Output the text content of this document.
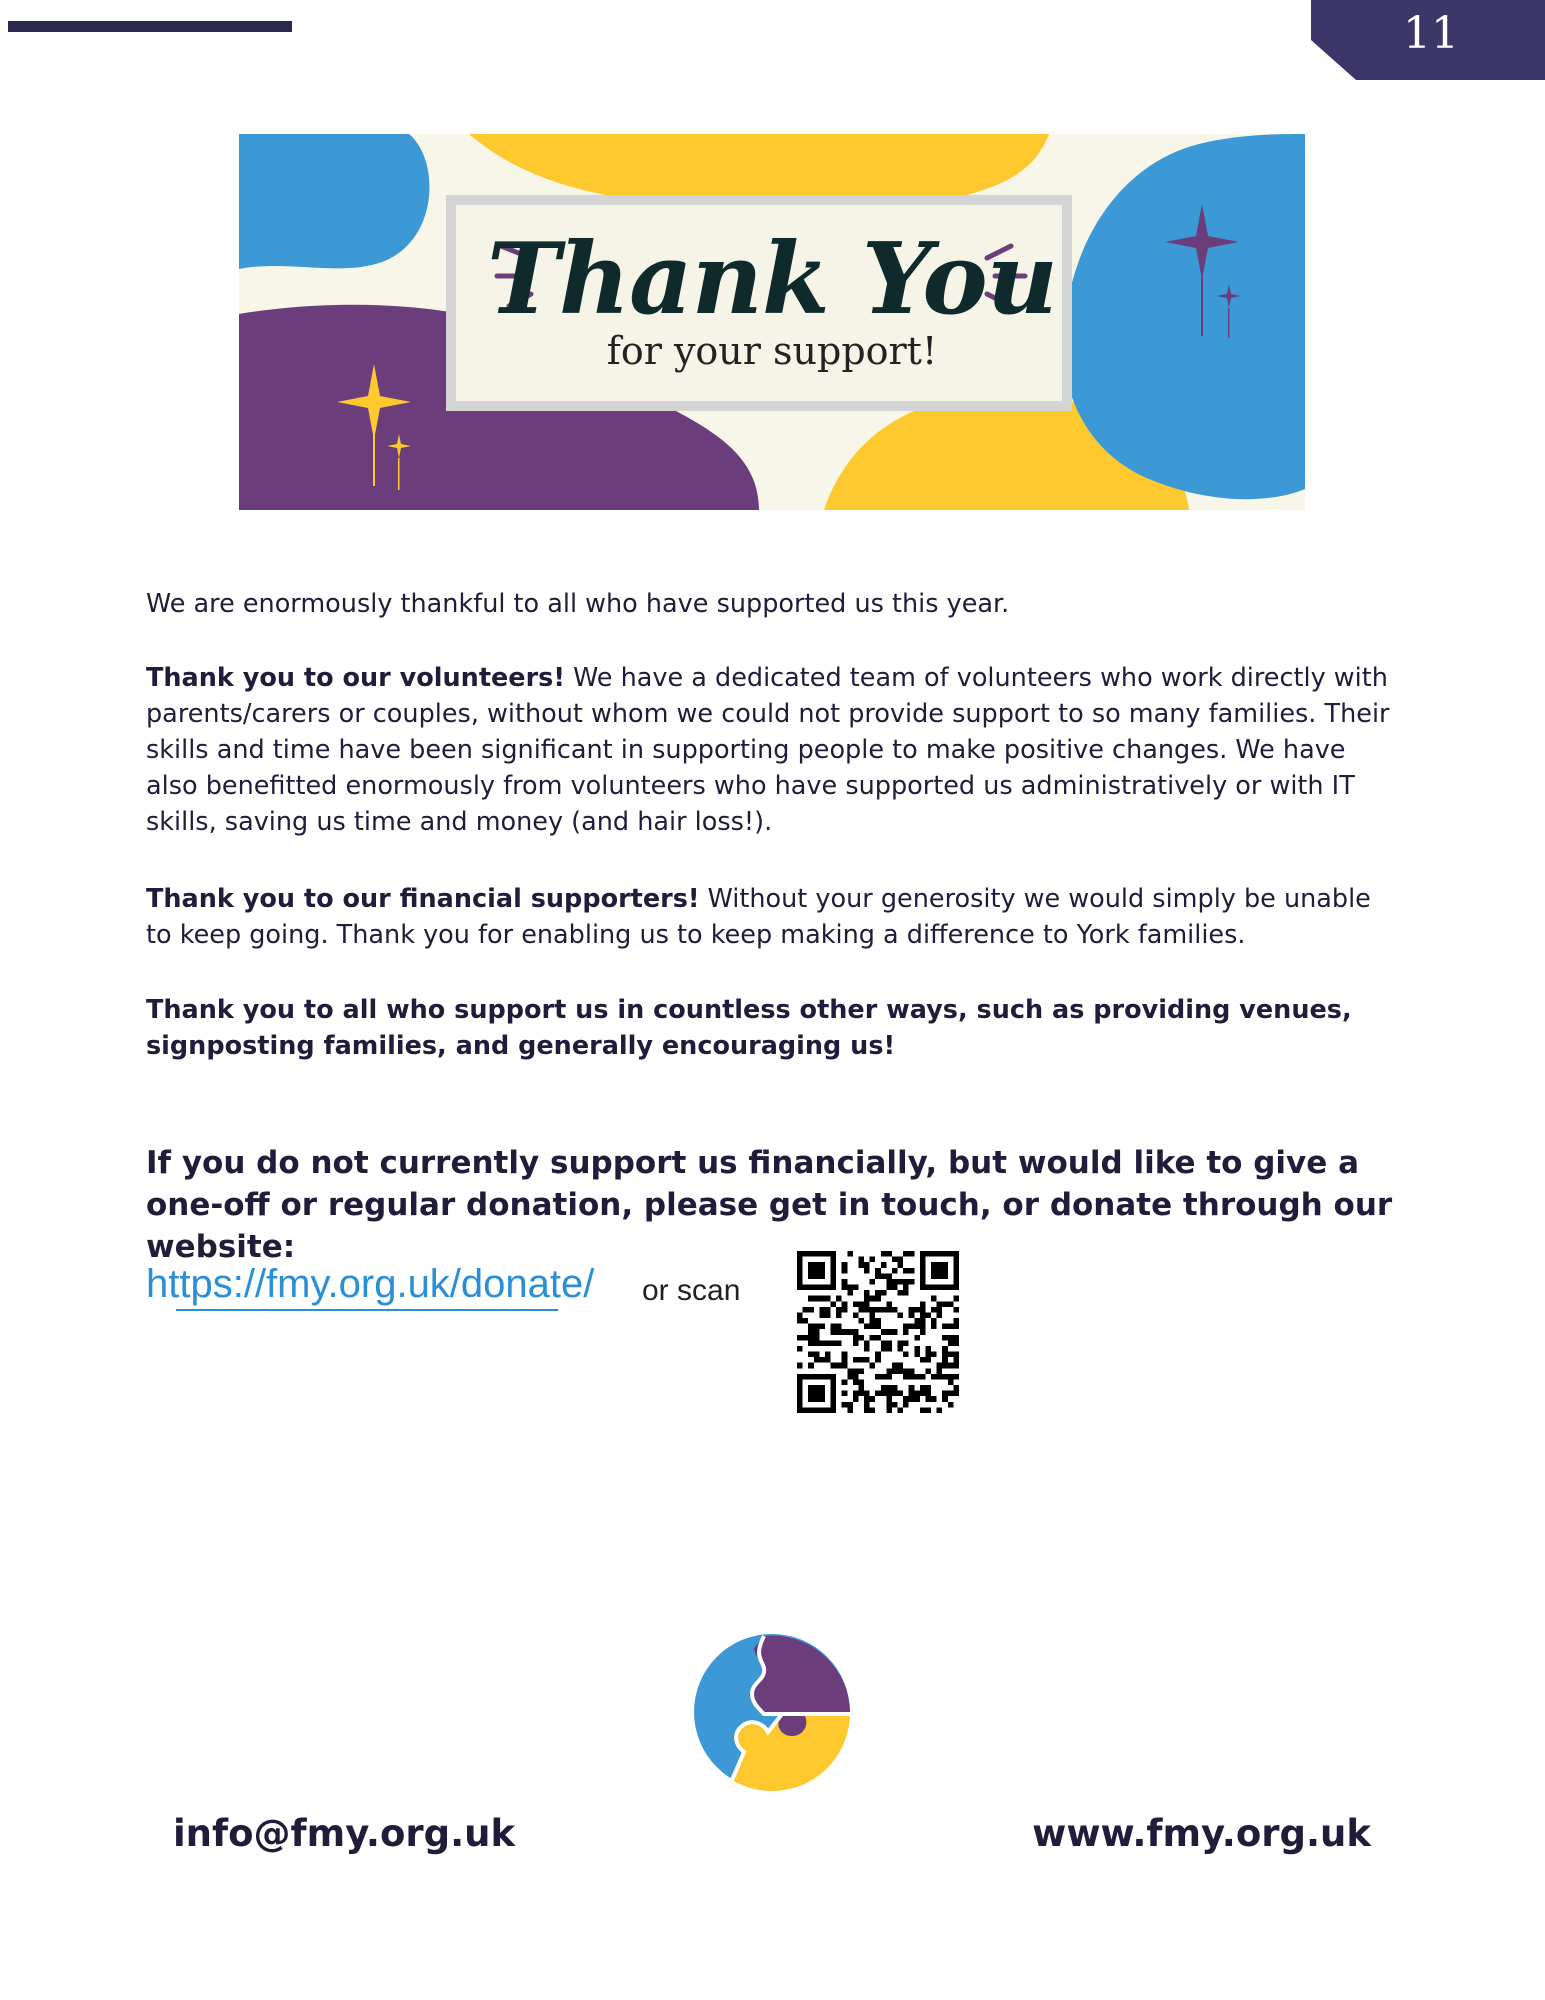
11
Thank You
for your support!

We are enormously thankful to all who have supported us this year.

Thank you to our volunteers! We have a dedicated team of volunteers who work directly with parents/carers or couples, without whom we could not provide support to so many families. Their skills and time have been significant in supporting people to make positive changes. We have also benefitted enormously from volunteers who have supported us administratively or with IT skills, saving us time and money (and hair loss!).

Thank you to our financial supporters! Without your generosity we would simply be unable to keep going. Thank you for enabling us to keep making a difference to York families.

Thank you to all who support us in countless other ways, such as providing venues, signposting families, and generally encouraging us!

If you do not currently support us financially, but would like to give a one-off or regular donation, please get in touch, or donate through our website:
https://fmy.org.uk/donate/ or scan
info@fmy.org.uk	www.fmy.org.uk
